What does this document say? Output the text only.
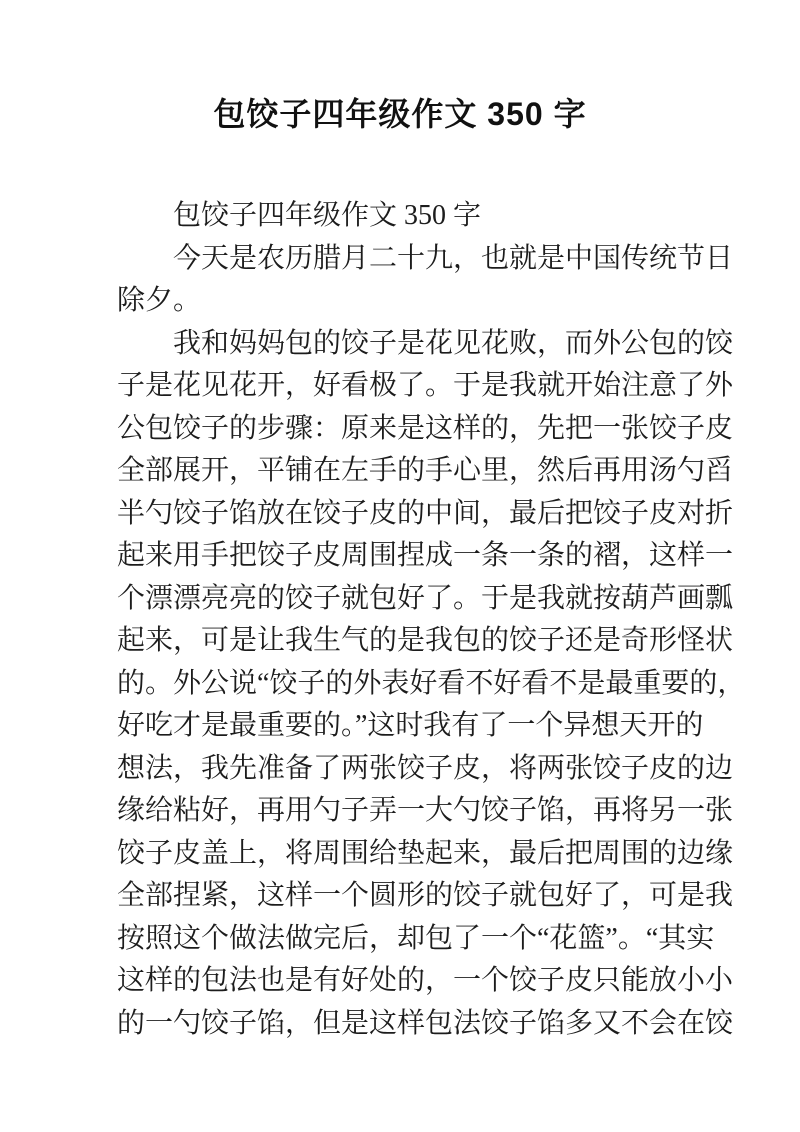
包饺子四年级作文 350 字
包饺子四年级作文 350 字
今天是农历腊月二十九，也就是中国传统节日
除夕。
我和妈妈包的饺子是花见花败，而外公包的饺
子是花见花开，好看极了。于是我就开始注意了外
公包饺子的步骤：原来是这样的，先把一张饺子皮
全部展开，平铺在左手的手心里，然后再用汤勺舀
半勺饺子馅放在饺子皮的中间，最后把饺子皮对折
起来用手把饺子皮周围捏成一条一条的褶，这样一
个漂漂亮亮的饺子就包好了。于是我就按葫芦画瓢
起来，可是让我生气的是我包的饺子还是奇形怪状
的。外公说“饺子的外表好看不好看不是最重要的，
好吃才是最重要的。”这时我有了一个异想天开的
想法，我先准备了两张饺子皮，将两张饺子皮的边
缘给粘好，再用勺子弄一大勺饺子馅，再将另一张
饺子皮盖上，将周围给垫起来，最后把周围的边缘
全部捏紧，这样一个圆形的饺子就包好了，可是我
按照这个做法做完后，却包了一个“花篮”。“其实
这样的包法也是有好处的，一个饺子皮只能放小小
的一勺饺子馅，但是这样包法饺子馅多又不会在饺
